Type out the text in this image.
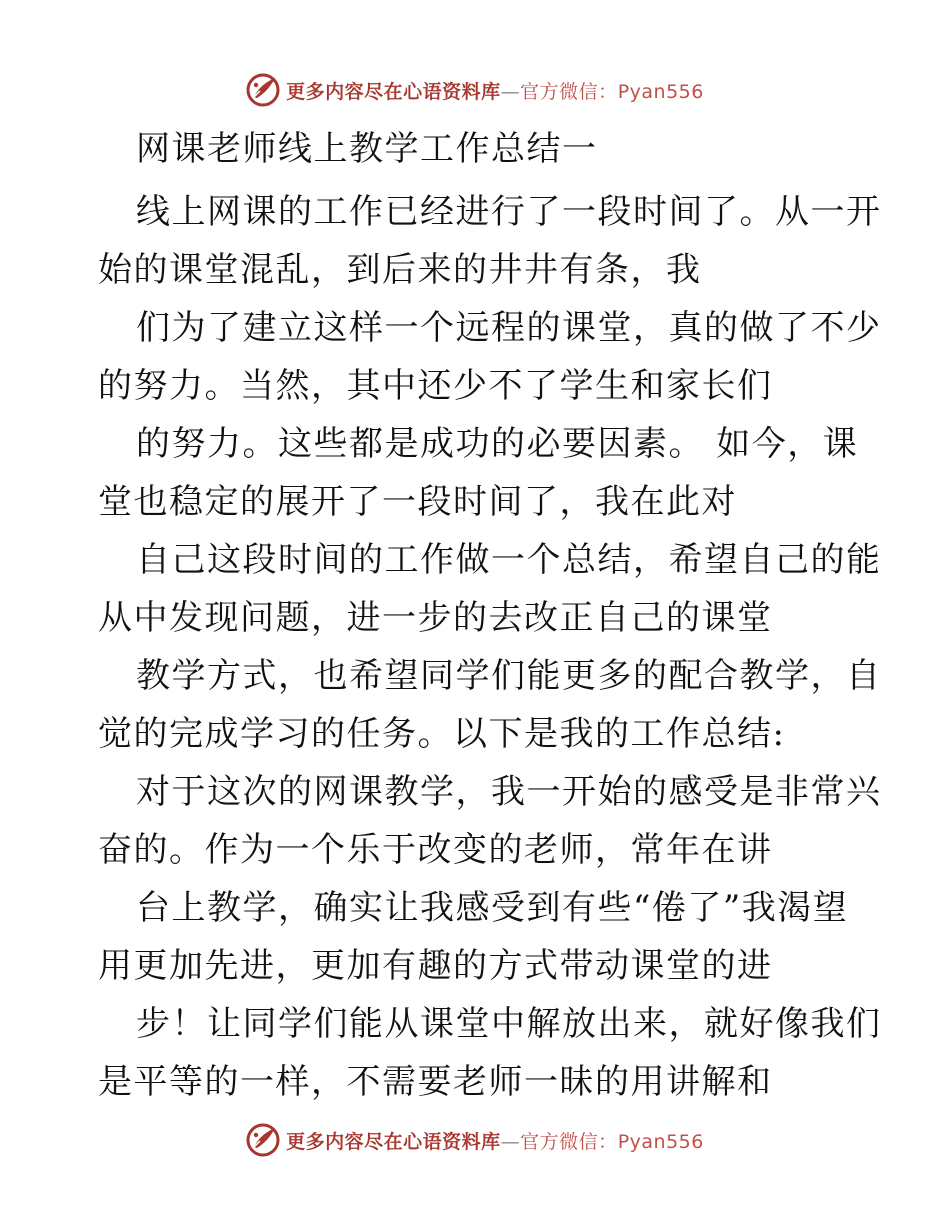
更多内容尽在心语资料库—官方微信：Pyan556
网课老师线上教学工作总结一
线上网课的工作已经进行了一段时间了。从一开
始的课堂混乱，到后来的井井有条，我
们为了建立这样一个远程的课堂，真的做了不少
的努力。当然，其中还少不了学生和家长们
的努力。这些都是成功的必要因素。 如今，课
堂也稳定的展开了一段时间了，我在此对
自己这段时间的工作做一个总结，希望自己的能
从中发现问题，进一步的去改正自己的课堂
教学方式，也希望同学们能更多的配合教学，自
觉的完成学习的任务。以下是我的工作总结:
对于这次的网课教学，我一开始的感受是非常兴
奋的。作为一个乐于改变的老师，常年在讲
台上教学，确实让我感受到有些“倦了”我渴望
用更加先进，更加有趣的方式带动课堂的进
步！让同学们能从课堂中解放出来，就好像我们
是平等的一样，不需要老师一昧的用讲解和
更多内容尽在心语资料库—官方微信：Pyan556
